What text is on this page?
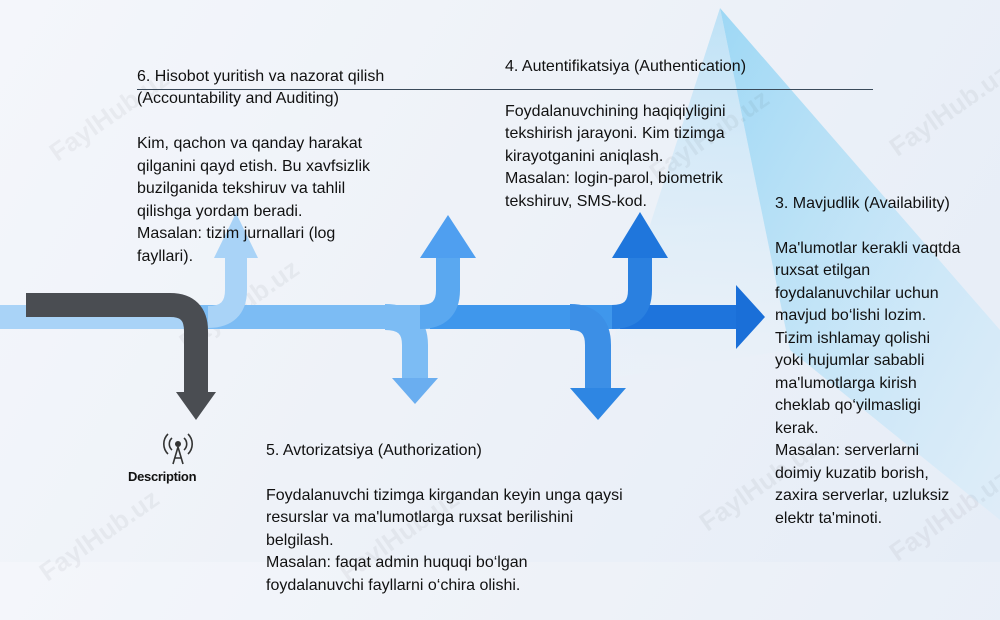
Description

6. Hisobot yuritish va nazorat qilish
(Accountability and Auditing)

Kim, qachon va qanday harakat
qilganini qayd etish. Bu xavfsizlik
buzilganida tekshiruv va tahlil
qilishga yordam beradi.
Masalan: tizim jurnallari (log
fayllari).

4. Autentifikatsiya (Authentication)

Foydalanuvchining haqiqiyligini
tekshirish jarayoni. Kim tizimga
kirayotganini aniqlash.
Masalan: login-parol, biometrik
tekshiruv, SMS-kod.	3. Mavjudlik (Availability)

Ma'lumotlar kerakli vaqtda
ruxsat etilgan
foydalanuvchilar uchun
mavjud bo‘lishi lozim.
Tizim ishlamay qolishi
yoki hujumlar sababli
ma'lumotlarga kirish
cheklab qo‘yilmasligi
kerak.
Masalan: serverlarni
doimiy kuzatib borish,
zaxira serverlar, uzluksiz
elektr ta'minoti.

5. Avtorizatsiya (Authorization)

Foydalanuvchi tizimga kirgandan keyin unga qaysi
resurslar va ma'lumotlarga ruxsat berilishini
belgilash.
Masalan: faqat admin huquqi bo‘lgan
foydalanuvchi fayllarni o‘chira olishi.
